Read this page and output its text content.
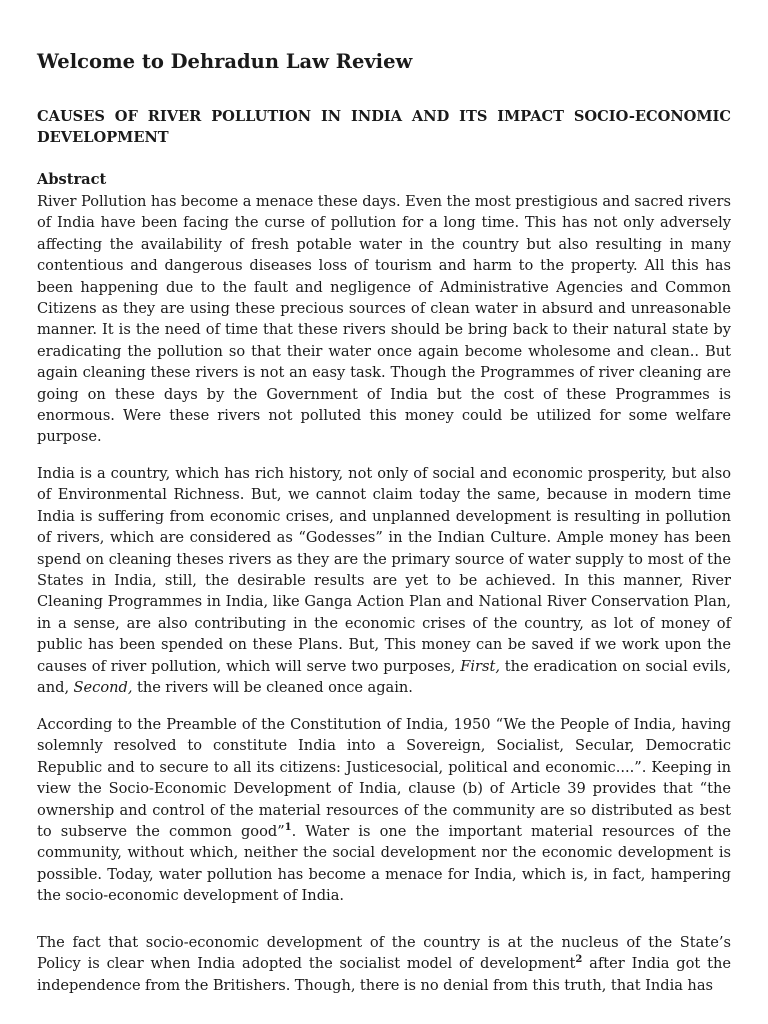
Welcome to Dehradun Law Review
CAUSES OF RIVER POLLUTION IN INDIA AND ITS IMPACT SOCIO-ECONOMIC DEVELOPMENT
Abstract

River Pollution has become a menace these days. Even the most prestigious and sacred rivers of India have been facing the curse of pollution for a long time. This has not only adversely affecting the availability of fresh potable water in the country but also resulting in many contentious and dangerous diseases loss of tourism and harm to the property. All this has been happening due to the fault and negligence of Administrative Agencies and Common Citizens as they are using these precious sources of clean water in absurd and unreasonable manner. It is the need of time that these rivers should be bring back to their natural state by eradicating the pollution so that their water once again become wholesome and clean.. But again cleaning these rivers is not an easy task. Though the Programmes of river cleaning are going on these days by the Government of India but the cost of these Programmes is enormous. Were these rivers not polluted this money could be utilized for some welfare purpose.

India is a country, which has rich history, not only of social and economic prosperity, but also of Environmental Richness. But, we cannot claim today the same, because in modern time India is suffering from economic crises, and unplanned development is resulting in pollution of rivers, which are considered as “Godesses” in the Indian Culture. Ample money has been spend on cleaning theses rivers as they are the primary source of water supply to most of the States in India, still, the desirable results are yet to be achieved. In this manner, River Cleaning Programmes in India, like Ganga Action Plan and National River Conservation Plan, in a sense, are also contributing in the economic crises of the country, as lot of money of public has been spended on these Plans. But, This money can be saved if we work upon the causes of river pollution, which will serve two purposes, First, the eradication on social evils, and, Second, the rivers will be cleaned once again.

According to the Preamble of the Constitution of India, 1950 “We the People of India, having solemnly resolved to constitute India into a Sovereign, Socialist, Secular, Democratic Republic and to secure to all its citizens: Justicesocial, political and economic....”. Keeping in view the Socio-Economic Development of India, clause (b) of Article 39 provides that “the ownership and control of the material resources of the community are so distributed as best to subserve the common good”$^1$. Water is one the important material resources of the community, without which, neither the social development nor the economic development is possible. Today, water pollution has become a menace for India, which is, in fact, hampering the socio-economic development of India.

The fact that socio-economic development of the country is at the nucleus of the State’s Policy is clear when India adopted the socialist model of development$^2$ after India got the independence from the Britishers. Though, there is no denial from this truth, that India has
